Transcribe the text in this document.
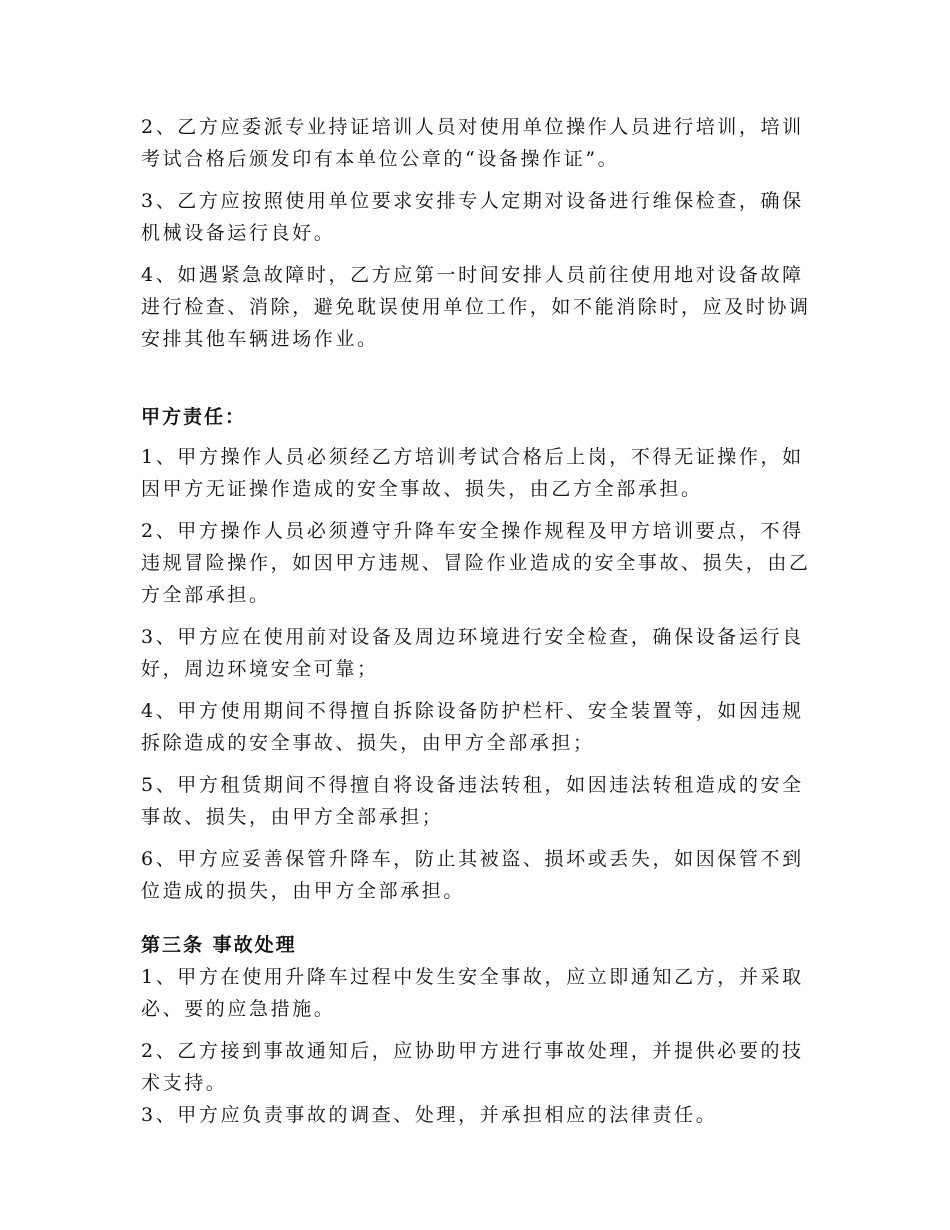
2、乙方应委派专业持证培训人员对使用单位操作人员进行培训，培训考试合格后颁发印有本单位公章的“设备操作证”。

3、乙方应按照使用单位要求安排专人定期对设备进行维保检查，确保机械设备运行良好。

4、如遇紧急故障时，乙方应第一时间安排人员前往使用地对设备故障进行检查、消除，避免耽误使用单位工作，如不能消除时，应及时协调安排其他车辆进场作业。

甲方责任：

1、甲方操作人员必须经乙方培训考试合格后上岗，不得无证操作，如因甲方无证操作造成的安全事故、损失，由乙方全部承担。

2、甲方操作人员必须遵守升降车安全操作规程及甲方培训要点，不得违规冒险操作，如因甲方违规、冒险作业造成的安全事故、损失，由乙方全部承担。

3、甲方应在使用前对设备及周边环境进行安全检查，确保设备运行良好，周边环境安全可靠；

4、甲方使用期间不得擅自拆除设备防护栏杆、安全装置等，如因违规拆除造成的安全事故、损失，由甲方全部承担；

5、甲方租赁期间不得擅自将设备违法转租，如因违法转租造成的安全事故、损失，由甲方全部承担；

6、甲方应妥善保管升降车，防止其被盗、损坏或丢失，如因保管不到位造成的损失，由甲方全部承担。

第三条 事故处理

1、甲方在使用升降车过程中发生安全事故，应立即通知乙方，并采取必、要的应急措施。

2、乙方接到事故通知后，应协助甲方进行事故处理，并提供必要的技术支持。

3、甲方应负责事故的调查、处理，并承担相应的法律责任。
